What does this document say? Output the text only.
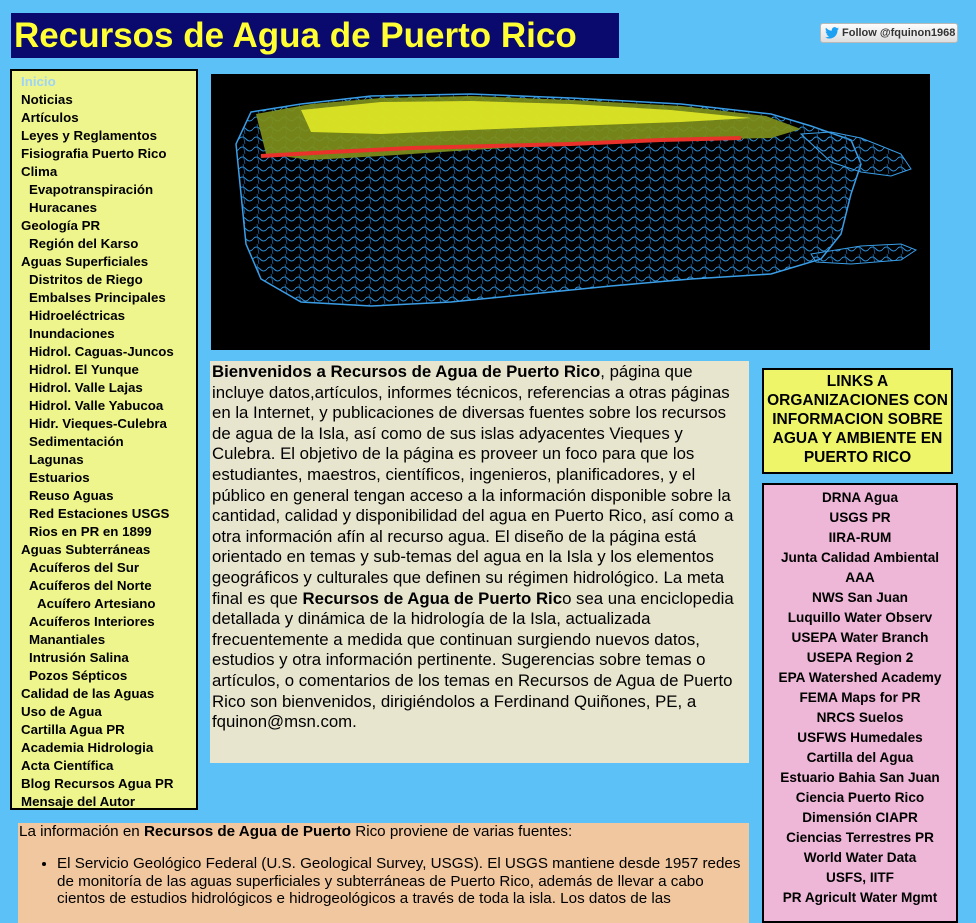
Recursos de Agua de Puerto Rico	Follow @fquinon1968
Inicio
Noticias
Artículos
Leyes y Reglamentos
Fisiografia Puerto Rico
Clima
Evapotranspiración
Huracanes
Geología PR
Región del Karso
Aguas Superficiales
Distritos de Riego
Embalses Principales
Hidroeléctricas
Inundaciones
Hidrol. Caguas-Juncos
Hidrol. El Yunque
Hidrol. Valle Lajas
Hidrol. Valle Yabucoa
Hidr. Vieques-Culebra
Sedimentación
Lagunas
Estuarios
Reuso Aguas
Red Estaciones USGS
Rios en PR en 1899
Aguas Subterráneas
Acuíferos del Sur
Acuíferos del Norte
Acuífero Artesiano
Acuíferos Interiores
Manantiales
Intrusión Salina
Pozos Sépticos
Calidad de las Aguas
Uso de Agua
Cartilla Agua PR
Academia Hidrologia
Acta Científica
Blog Recursos Agua PR
Mensaje del Autor
Bienvenidos a Recursos de Agua de Puerto Rico, página que incluye datos,artículos, informes técnicos, referencias a otras páginas en la Internet, y publicaciones de diversas fuentes sobre los recursos de agua de la Isla, así como de sus islas adyacentes Vieques y Culebra. El objetivo de la página es proveer un foco para que los estudiantes, maestros, científicos, ingenieros, planificadores, y el público en general tengan acceso a la información disponible sobre la cantidad, calidad y disponibilidad del agua en Puerto Rico, así como a otra información afín al recurso agua. El diseño de la página está orientado en temas y sub-temas del agua en la Isla y los elementos geográficos y culturales que definen su régimen hidrológico. La meta final es que Recursos de Agua de Puerto Rico sea una enciclopedia detallada y dinámica de la hidrología de la Isla, actualizada frecuentemente a medida que continuan surgiendo nuevos datos, estudios y otra información pertinente. Sugerencias sobre temas o artículos, o comentarios de los temas en Recursos de Agua de Puerto Rico son bienvenidos, dirigiéndolos a Ferdinand Quiñones, PE, a fquinon@msn.com.
LINKS A ORGANIZACIONES CON INFORMACION SOBRE AGUA Y AMBIENTE EN PUERTO RICO
DRNA Agua
USGS PR
IIRA-RUM
Junta Calidad Ambiental
AAA
NWS San Juan
Luquillo Water Observ
USEPA Water Branch
USEPA Region 2
EPA Watershed Academy
FEMA Maps for PR
NRCS Suelos
USFWS Humedales
Cartilla del Agua
Estuario Bahia San Juan
Ciencia Puerto Rico
Dimensión CIAPR
Ciencias Terrestres PR
World Water Data
USFS, IITF
PR Agricult Water Mgmt
La información en Recursos de Agua de Puerto Rico proviene de varias fuentes:
• El Servicio Geológico Federal (U.S. Geological Survey, USGS). El USGS mantiene desde 1957 redes de monitoría de las aguas superficiales y subterráneas de Puerto Rico, además de llevar a cabo cientos de estudios hidrológicos e hidrogeológicos a través de toda la isla. Los datos de las
